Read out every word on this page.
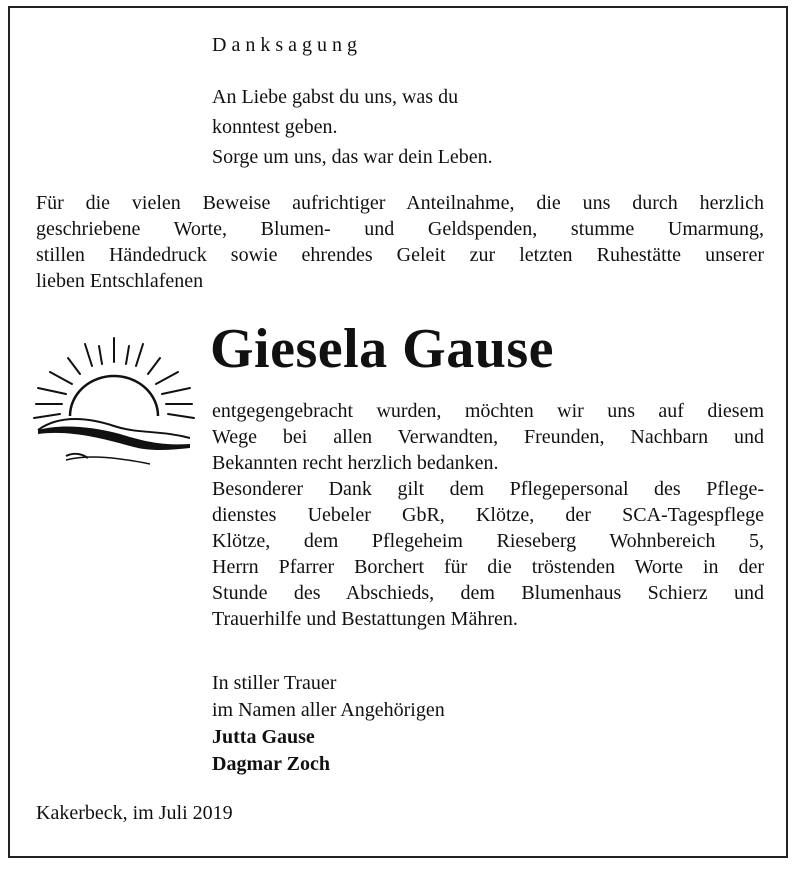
Danksagung
An Liebe gabst du uns, was du
konntest geben.
Sorge um uns, das war dein Leben.
Für die vielen Beweise aufrichtiger Anteilnahme, die uns durch herzlich
geschriebene Worte, Blumen- und Geldspenden, stumme Umarmung,
stillen Händedruck sowie ehrendes Geleit zur letzten Ruhestätte unserer
lieben Entschlafenen
Giesela Gause
entgegengebracht wurden, möchten wir uns auf diesem
Wege bei allen Verwandten, Freunden, Nachbarn und
Bekannten recht herzlich bedanken.
Besonderer Dank gilt dem Pflegepersonal des Pflege-
dienstes Uebeler GbR, Klötze, der SCA-Tagespflege
Klötze, dem Pflegeheim Rieseberg Wohnbereich 5,
Herrn Pfarrer Borchert für die tröstenden Worte in der
Stunde des Abschieds, dem Blumenhaus Schierz und
Trauerhilfe und Bestattungen Mähren.
In stiller Trauer
im Namen aller Angehörigen
Jutta Gause
Dagmar Zoch
Kakerbeck, im Juli 2019
